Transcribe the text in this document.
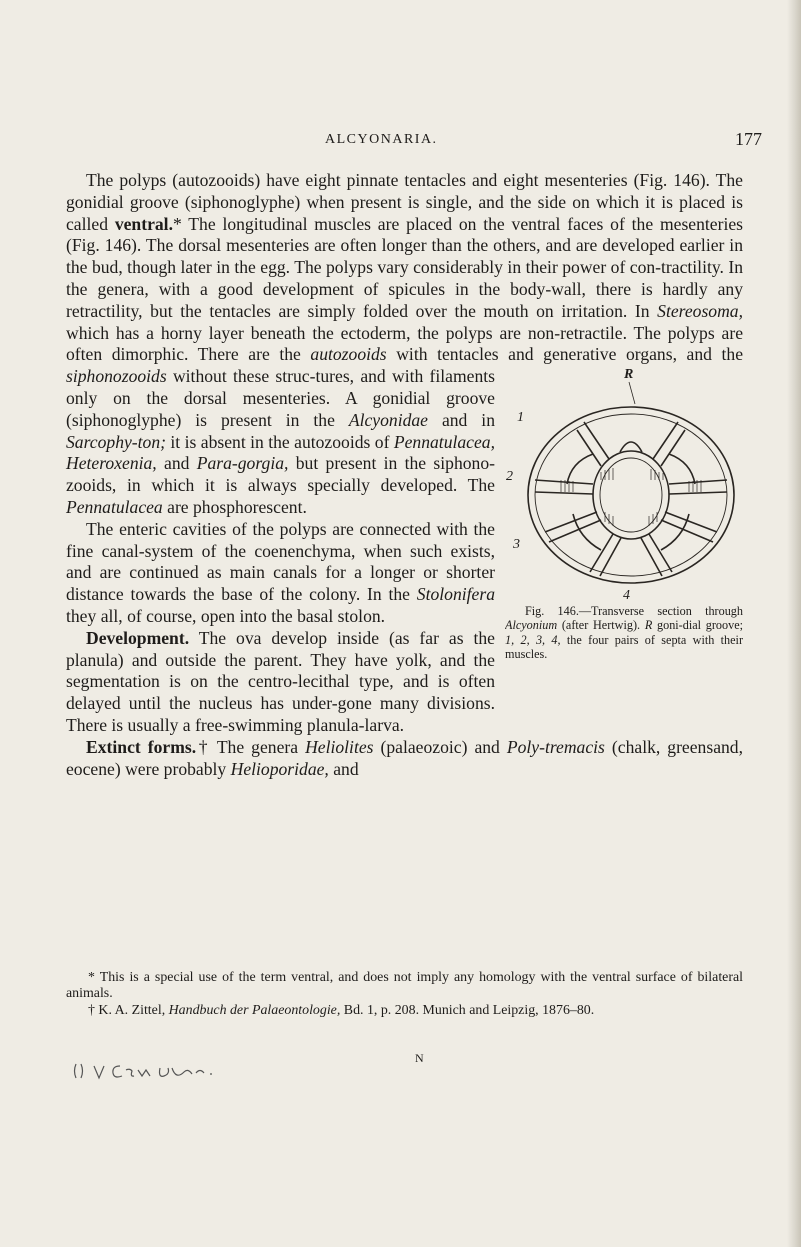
ALCYONARIA.	177

The polyps (autozooids) have eight pinnate tentacles and eight mesenteries (Fig. 146). The gonidial groove (siphonoglyphe) when present is single, and the side on which it is placed is called ventral.* The longitudinal muscles are placed on the ventral faces of the mesenteries (Fig. 146). The dorsal mesenteries are often longer than the others, and are developed earlier in the bud, though later in the egg. The polyps vary considerably in their power of con-tractility. In the genera, with a good development of spicules in the body-wall, there is hardly any retractility, but the tentacles are simply folded over the mouth on irritation. In Stereosoma, which has a horny layer beneath the ectoderm, the polyps are non-retractile. The polyps are often dimorphic. There are the autozooids with tentacles and generative organs, and the
R
1
2
3
4
Fig. 146.—Transverse section through Alcyonium (after Hertwig). R goni-dial groove; 1, 2, 3, 4, the four pairs of septa with their muscles.
siphonozooids without these struc-tures, and with filaments only on the dorsal mesenteries. A gonidial groove (siphonoglyphe) is present in the Alcyonidae and in Sarcophy-ton; it is absent in the autozooids of Pennatulacea, Heteroxenia, and Para-gorgia, but present in the siphono-zooids, in which it is always specially developed. The Pennatulacea are phosphorescent.

The enteric cavities of the polyps are connected with the fine canal-system of the coenenchyma, when such exists, and are continued as main canals for a longer or shorter distance towards the base of the colony. In the Stolonifera they all, of course, open into the basal stolon.

Development. The ova develop inside (as far as the planula) and outside the parent. They have yolk, and the segmentation is on the centro-lecithal type, and is often delayed until the nucleus has under-gone many divisions. There is usually a free-swimming planula-larva.

Extinct forms.† The genera Heliolites (palaeozoic) and Poly-tremacis (chalk, greensand, eocene) were probably Helioporidae, and

* This is a special use of the term ventral, and does not imply any homology with the ventral surface of bilateral animals.

† K. A. Zittel, Handbuch der Palaeontologie, Bd. 1, p. 208. Munich and Leipzig, 1876–80.

N
